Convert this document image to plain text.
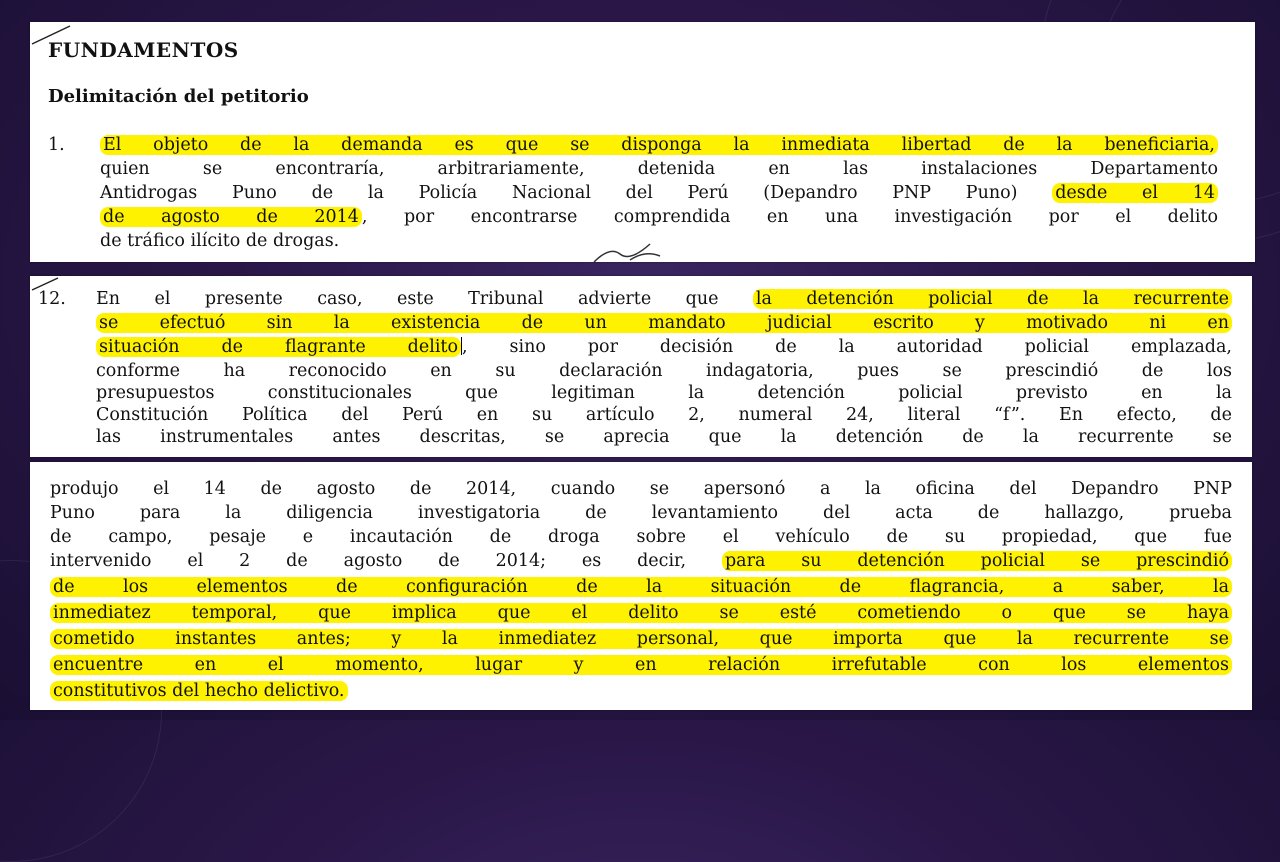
FUNDAMENTOS
Delimitación del petitorio
1. El objeto de la demanda es que se disponga la inmediata libertad de la beneficiaria,
quien se encontraría, arbitrariamente, detenida en las instalaciones Departamento
Antidrogas Puno de la Policía Nacional del Perú (Depandro PNP Puno) desde el 14
de agosto de 2014 , por encontrarse comprendida en una investigación por el delito
de tráfico ilícito de drogas.
12. En el presente caso, este Tribunal advierte que la detención policial de la recurrente
se efectuó sin la existencia de un mandato judicial escrito y motivado ni en
situación de flagrante delito , sino por decisión de la autoridad policial emplazada,
conforme ha reconocido en su declaración indagatoria, pues se prescindió de los
presupuestos constitucionales que legitiman la detención policial previsto en la
Constitución Política del Perú en su artículo 2, numeral 24, literal “f”. En efecto, de
las instrumentales antes descritas, se aprecia que la detención de la recurrente se
produjo el 14 de agosto de 2014, cuando se apersonó a la oficina del Depandro PNP
Puno para la diligencia investigatoria de levantamiento del acta de hallazgo, prueba
de campo, pesaje e incautación de droga sobre el vehículo de su propiedad, que fue
intervenido el 2 de agosto de 2014; es decir, para su detención policial se prescindió
de los elementos de configuración de la situación de flagrancia, a saber, la
inmediatez temporal, que implica que el delito se esté cometiendo o que se haya
cometido instantes antes; y la inmediatez personal, que importa que la recurrente se
encuentre en el momento, lugar y en relación irrefutable con los elementos
constitutivos del hecho delictivo.
